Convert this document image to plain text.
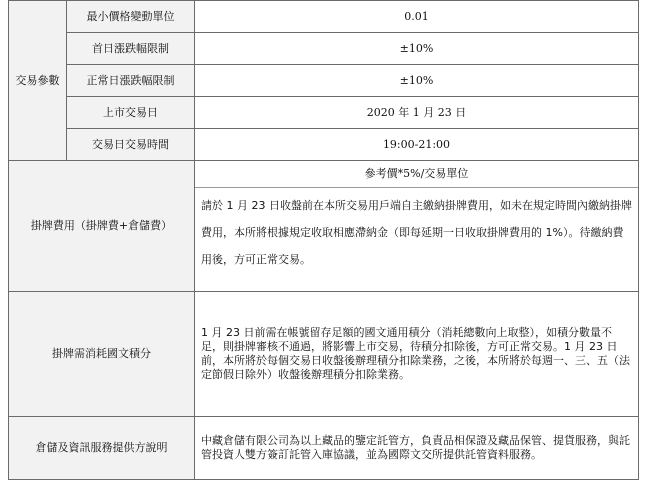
交易參數	最小價格變動單位	0.01
	首日漲跌幅限制	±10%
	正常日漲跌幅限制	±10%
	上市交易日	2020 年 1 月 23 日
	交易日交易時間	19:00-21:00
掛牌費用（掛牌費+倉儲費）		參考價*5%/交易單位
請於 1 月 23 日收盤前在本所交易用戶端自主繳納掛牌費用，如未在規定時間內繳納掛牌費用，本所將根據規定收取相應滯納金（即每延期一日收取掛牌費用的 1%）。待繳納費用後，方可正常交易。

掛牌需消耗國文積分		1 月 23 日前需在帳號留存足額的國文通用積分（消耗總數向上取整），如積分數量不足，則掛牌審核不通過，將影響上市交易，待積分扣除後，方可正常交易。1 月 23 日前，本所將於每個交易日收盤後辦理積分扣除業務，之後，本所將於每週一、三、五（法定節假日除外）收盤後辦理積分扣除業務。
倉儲及資訊服務提供方說明		中藏倉儲有限公司為以上藏品的鑒定託管方，負責品相保證及藏品保管、提貨服務，與託管投資人雙方簽訂託管入庫協議，並為國際文交所提供託管資料服務。
